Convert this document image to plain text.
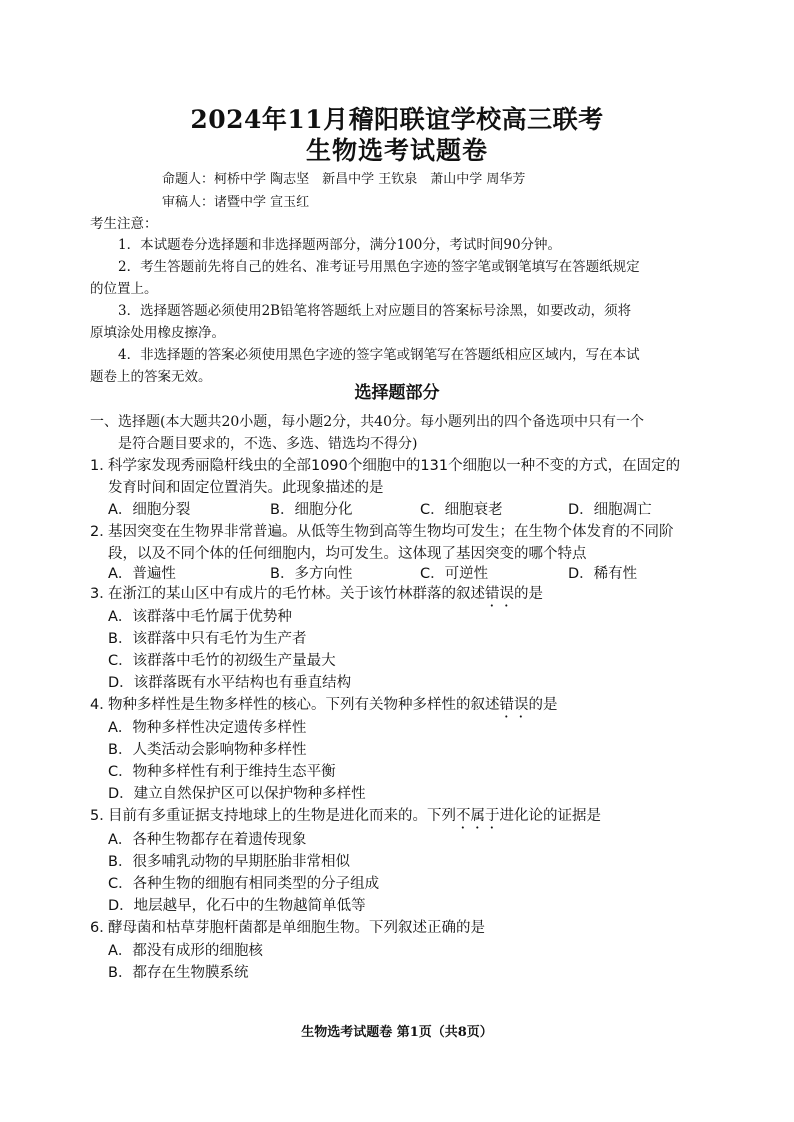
2024年11月稽阳联谊学校高三联考
生物选考试题卷
命题人：柯桥中学 陶志坚　新昌中学 王钦泉　萧山中学 周华芳
审稿人：诸暨中学 宣玉红
考生注意：
1．本试题卷分选择题和非选择题两部分，满分100分，考试时间90分钟。
2．考生答题前先将自己的姓名、准考证号用黑色字迹的签字笔或钢笔填写在答题纸规定
的位置上。
3．选择题答题必须使用2B铅笔将答题纸上对应题目的答案标号涂黑，如要改动，须将
原填涂处用橡皮擦净。
4．非选择题的答案必须使用黑色字迹的签字笔或钢笔写在答题纸相应区域内，写在本试
题卷上的答案无效。
选择题部分
一、选择题(本大题共20小题，每小题2分，共40分。每小题列出的四个备选项中只有一个
是符合题目要求的，不选、多选、错选均不得分)
1．科学家发现秀丽隐杆线虫的全部1090个细胞中的131个细胞以一种不变的方式，在固定的
发育时间和固定位置消失。此现象描述的是
A．细胞分裂	B．细胞分化	C．细胞衰老	D．细胞凋亡
2．基因突变在生物界非常普遍。从低等生物到高等生物均可发生；在生物个体发育的不同阶
段，以及不同个体的任何细胞内，均可发生。这体现了基因突变的哪个特点
A．普遍性	B．多方向性	C．可逆性	D．稀有性
3．在浙江的某山区中有成片的毛竹林。关于该竹林群落的叙述错误的是
A．该群落中毛竹属于优势种
B．该群落中只有毛竹为生产者
C．该群落中毛竹的初级生产量最大
D．该群落既有水平结构也有垂直结构
4．物种多样性是生物多样性的核心。下列有关物种多样性的叙述错误的是
A．物种多样性决定遗传多样性
B．人类活动会影响物种多样性
C．物种多样性有利于维持生态平衡
D．建立自然保护区可以保护物种多样性
5．目前有多重证据支持地球上的生物是进化而来的。下列不属于进化论的证据是
A．各种生物都存在着遗传现象
B．很多哺乳动物的早期胚胎非常相似
C．各种生物的细胞有相同类型的分子组成
D．地层越早，化石中的生物越简单低等
6．酵母菌和枯草芽胞杆菌都是单细胞生物。下列叙述正确的是
A．都没有成形的细胞核
B．都存在生物膜系统
生物选考试题卷 第1页（共8页）
